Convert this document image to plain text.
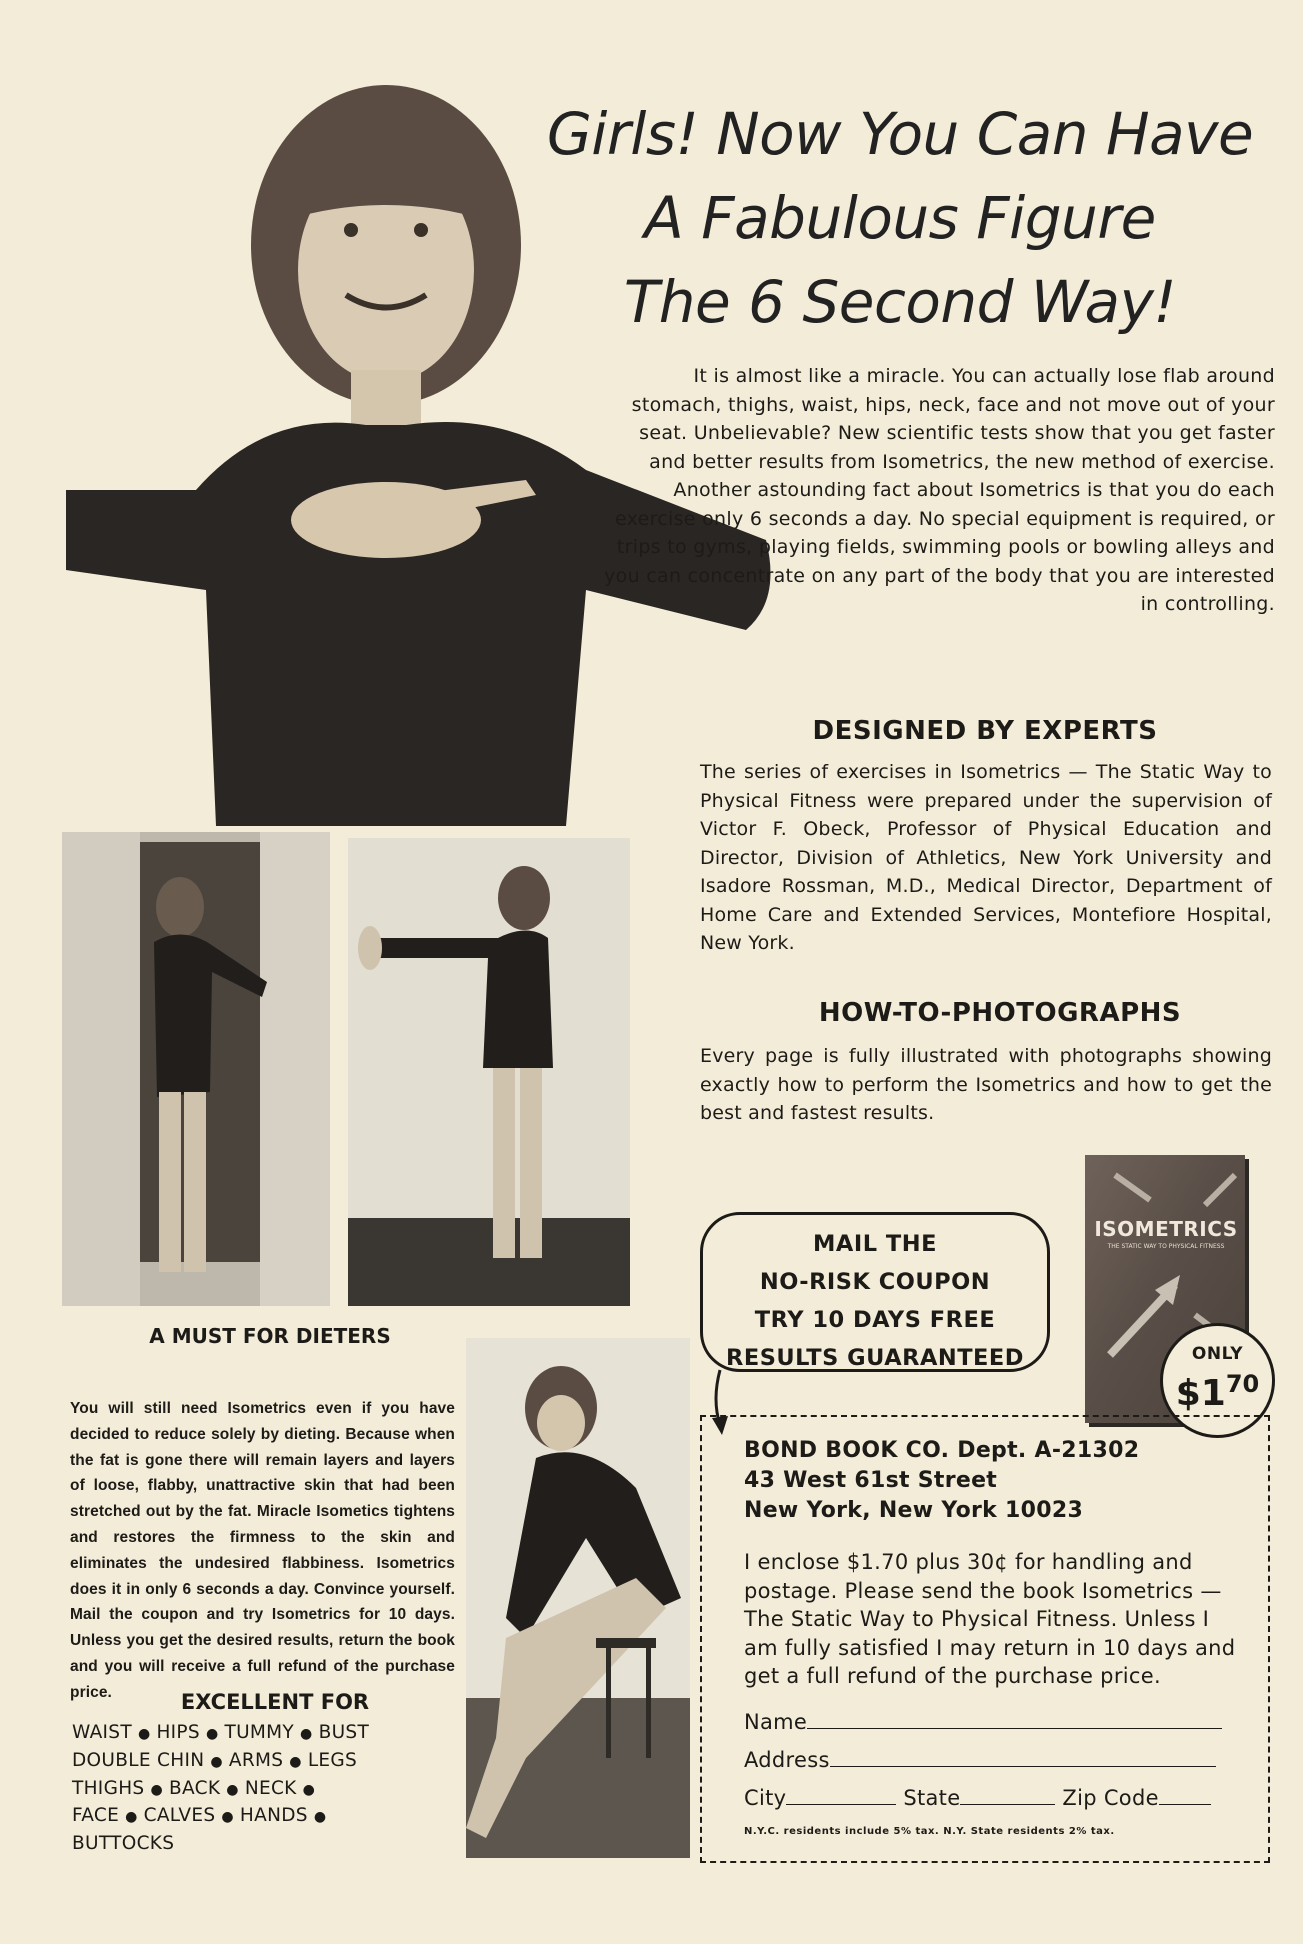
Girls! Now You Can Have
A Fabulous Figure
The 6 Second Way!
It is almost like a miracle. You can actually lose flab around stomach, thighs, waist, hips, neck, face and not move out of your seat. Unbelievable? New scientific tests show that you get faster and better results from Isometrics, the new method of exercise. Another astounding fact about Isometrics is that you do each exercise only 6 seconds a day. No special equipment is required, or trips to gyms, playing fields, swimming pools or bowling alleys and you can concentrate on any part of the body that you are interested in controlling.
DESIGNED BY EXPERTS
The series of exercises in Isometrics — The Static Way to Physical Fitness were prepared under the supervision of Victor F. Obeck, Professor of Physical Education and Director, Division of Athletics, New York University and Isadore Rossman, M.D., Medical Director, Department of Home Care and Extended Services, Montefiore Hospital, New York.
HOW-TO-PHOTOGRAPHS
Every page is fully illustrated with photographs showing exactly how to perform the Isometrics and how to get the best and fastest results.
A MUST FOR DIETERS
You will still need Isometrics even if you have decided to reduce solely by dieting. Because when the fat is gone there will remain layers and layers of loose, flabby, unattractive skin that had been stretched out by the fat. Miracle Isometics tightens and restores the firmness to the skin and eliminates the undesired flabbiness. Isometrics does it in only 6 seconds a day. Convince yourself. Mail the coupon and try Isometrics for 10 days. Unless you get the desired results, return the book and you will receive a full refund of the purchase price.	EXCELLENT FOR
WAIST ● HIPS ● TUMMY ● BUST
DOUBLE CHIN ● ARMS ● LEGS
THIGHS ● BACK ● NECK ●
FACE ● CALVES ● HANDS ●
BUTTOCKS
MAIL THE
NO-RISK COUPON
TRY 10 DAYS FREE
RESULTS GUARANTEED
ISOMETRICS
THE STATIC WAY TO PHYSICAL FITNESS
ONLY
$\$1^{70}$
BOND BOOK CO. Dept. A-21302
43 West 61st Street
New York, New York 10023
I enclose $1.70 plus 30¢ for handling and postage. Please send the book Isometrics — The Static Way to Physical Fitness. Unless I am fully satisfied I may return in 10 days and get a full refund of the purchase price.
Name
Address
City	State	Zip Code
N.Y.C. residents include 5% tax. N.Y. State residents 2% tax.
